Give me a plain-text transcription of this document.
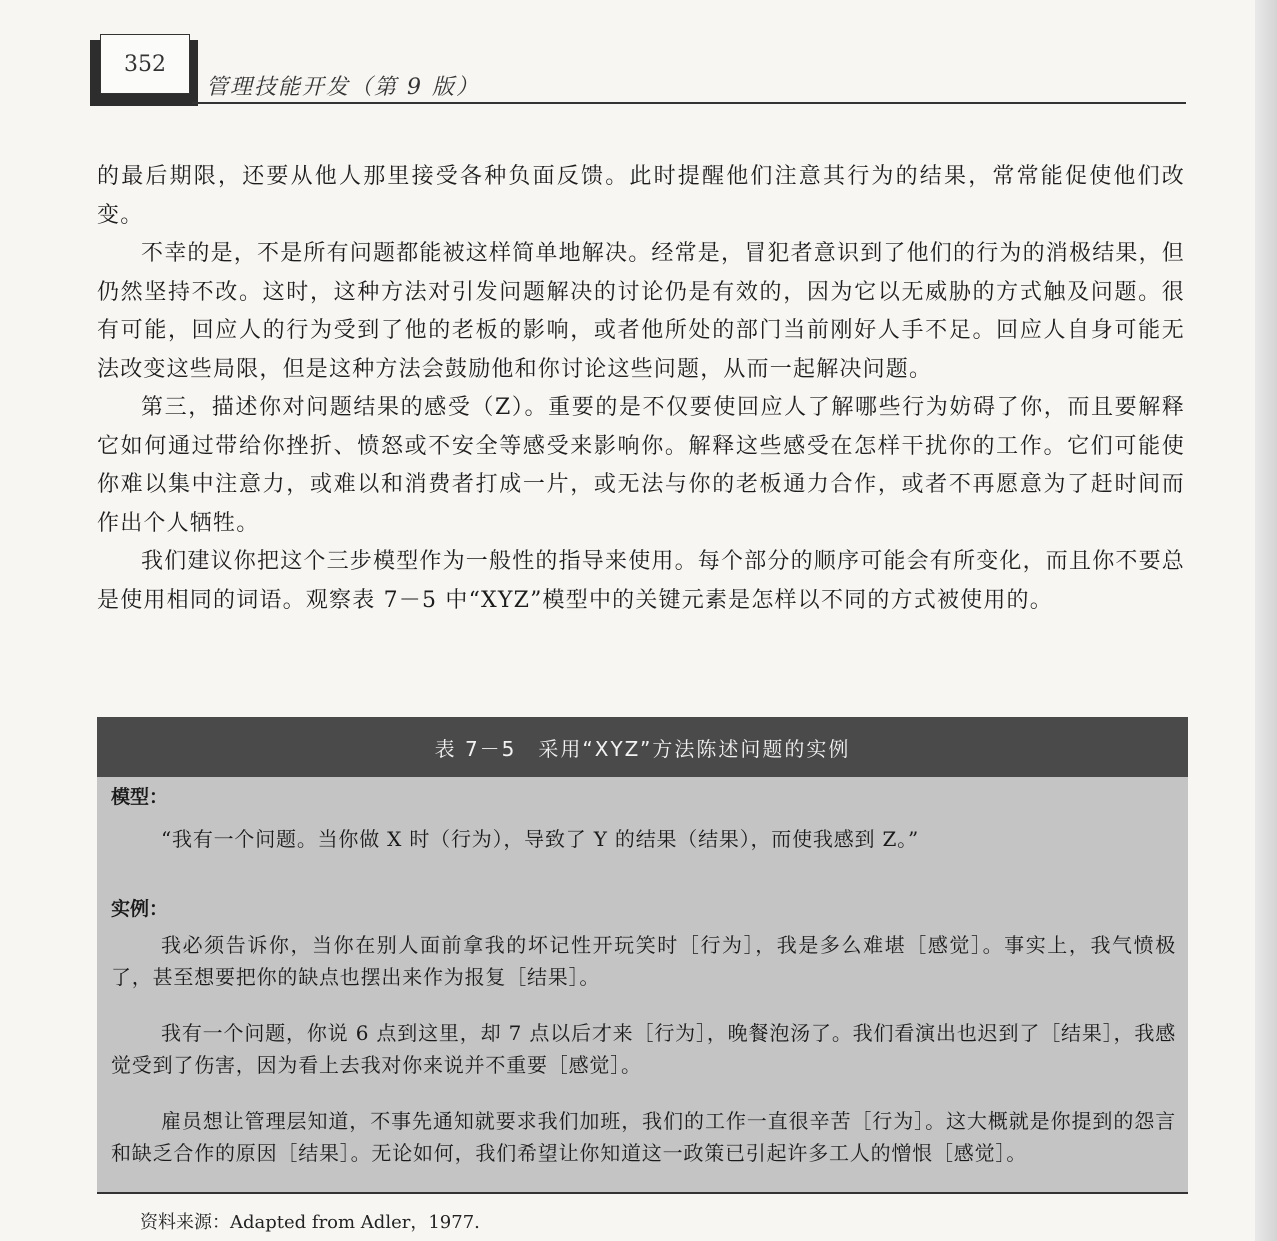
352
管理技能开发（第 9 版）

的最后期限，还要从他人那里接受各种负面反馈。此时提醒他们注意其行为的结果，常常能促使他们改变。

不幸的是，不是所有问题都能被这样简单地解决。经常是，冒犯者意识到了他们的行为的消极结果，但仍然坚持不改。这时，这种方法对引发问题解决的讨论仍是有效的，因为它以无威胁的方式触及问题。很有可能，回应人的行为受到了他的老板的影响，或者他所处的部门当前刚好人手不足。回应人自身可能无法改变这些局限，但是这种方法会鼓励他和你讨论这些问题，从而一起解决问题。

第三，描述你对问题结果的感受（Z）。重要的是不仅要使回应人了解哪些行为妨碍了你，而且要解释它如何通过带给你挫折、愤怒或不安全等感受来影响你。解释这些感受在怎样干扰你的工作。它们可能使你难以集中注意力，或难以和消费者打成一片，或无法与你的老板通力合作，或者不再愿意为了赶时间而作出个人牺牲。

我们建议你把这个三步模型作为一般性的指导来使用。每个部分的顺序可能会有所变化，而且你不要总是使用相同的词语。观察表 7－5 中“XYZ”模型中的关键元素是怎样以不同的方式被使用的。

表 7－5　采用“XYZ”方法陈述问题的实例
模型：

“我有一个问题。当你做 X 时（行为），导致了 Y 的结果（结果），而使我感到 Z。”

实例：

我必须告诉你，当你在别人面前拿我的坏记性开玩笑时［行为］，我是多么难堪［感觉］。事实上，我气愤极了，甚至想要把你的缺点也摆出来作为报复［结果］。

我有一个问题，你说 6 点到这里，却 7 点以后才来［行为］，晚餐泡汤了。我们看演出也迟到了［结果］，我感觉受到了伤害，因为看上去我对你来说并不重要［感觉］。

雇员想让管理层知道，不事先通知就要求我们加班，我们的工作一直很辛苦［行为］。这大概就是你提到的怨言和缺乏合作的原因［结果］。无论如何，我们希望让你知道这一政策已引起许多工人的憎恨［感觉］。

资料来源：Adapted from Adler，1977.
